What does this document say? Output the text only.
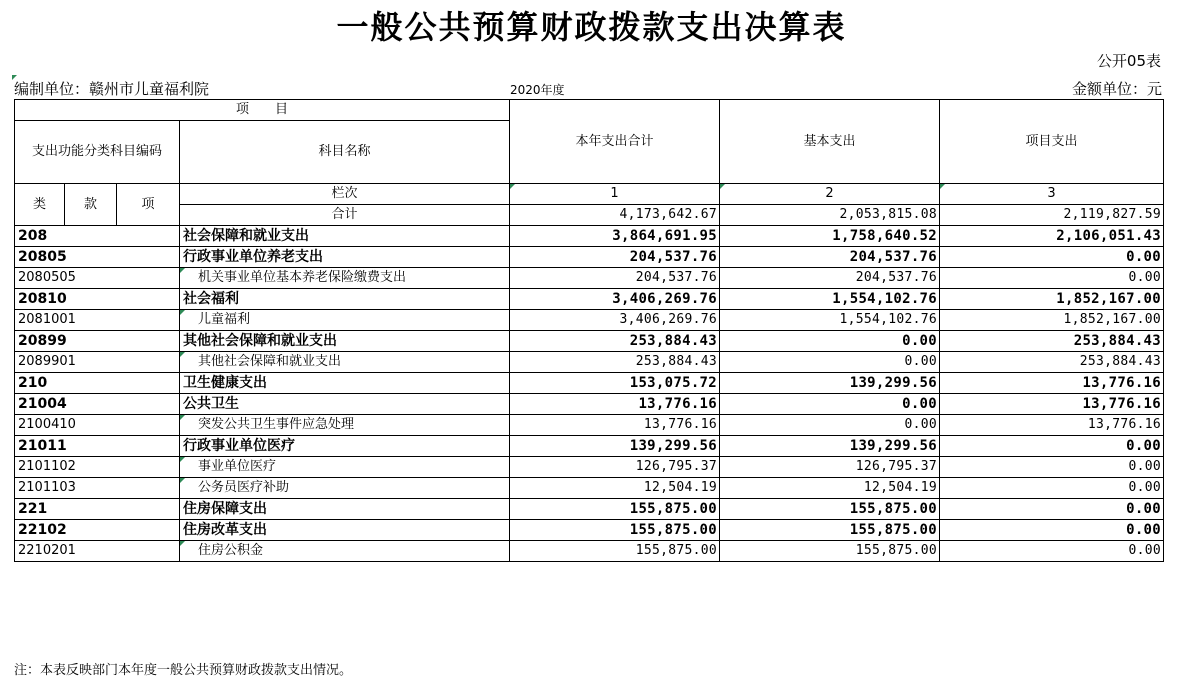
一般公共预算财政拨款支出决算表
公开05表
编制单位：赣州市儿童福利院	2020年度	金额单位：元
项　　目				本年支出合计	基本支出	项目支出
支出功能分类科目编码			科目名称			

类	款	项	栏次	1	2	3
			合计	4,173,642.67	2,053,815.08	2,119,827.59
208			社会保障和就业支出	3,864,691.95	1,758,640.52	2,106,051.43
20805			行政事业单位养老支出	204,537.76	204,537.76	0.00
2080505			机关事业单位基本养老保险缴费支出	204,537.76	204,537.76	0.00
20810			社会福利	3,406,269.76	1,554,102.76	1,852,167.00
2081001			儿童福利	3,406,269.76	1,554,102.76	1,852,167.00
20899			其他社会保障和就业支出	253,884.43	0.00	253,884.43
2089901			其他社会保障和就业支出	253,884.43	0.00	253,884.43
210			卫生健康支出	153,075.72	139,299.56	13,776.16
21004			公共卫生	13,776.16	0.00	13,776.16
2100410			突发公共卫生事件应急处理	13,776.16	0.00	13,776.16
21011			行政事业单位医疗	139,299.56	139,299.56	0.00
2101102			事业单位医疗	126,795.37	126,795.37	0.00
2101103			公务员医疗补助	12,504.19	12,504.19	0.00
221			住房保障支出	155,875.00	155,875.00	0.00
22102			住房改革支出	155,875.00	155,875.00	0.00
2210201			住房公积金	155,875.00	155,875.00	0.00
注：本表反映部门本年度一般公共预算财政拨款支出情况。
